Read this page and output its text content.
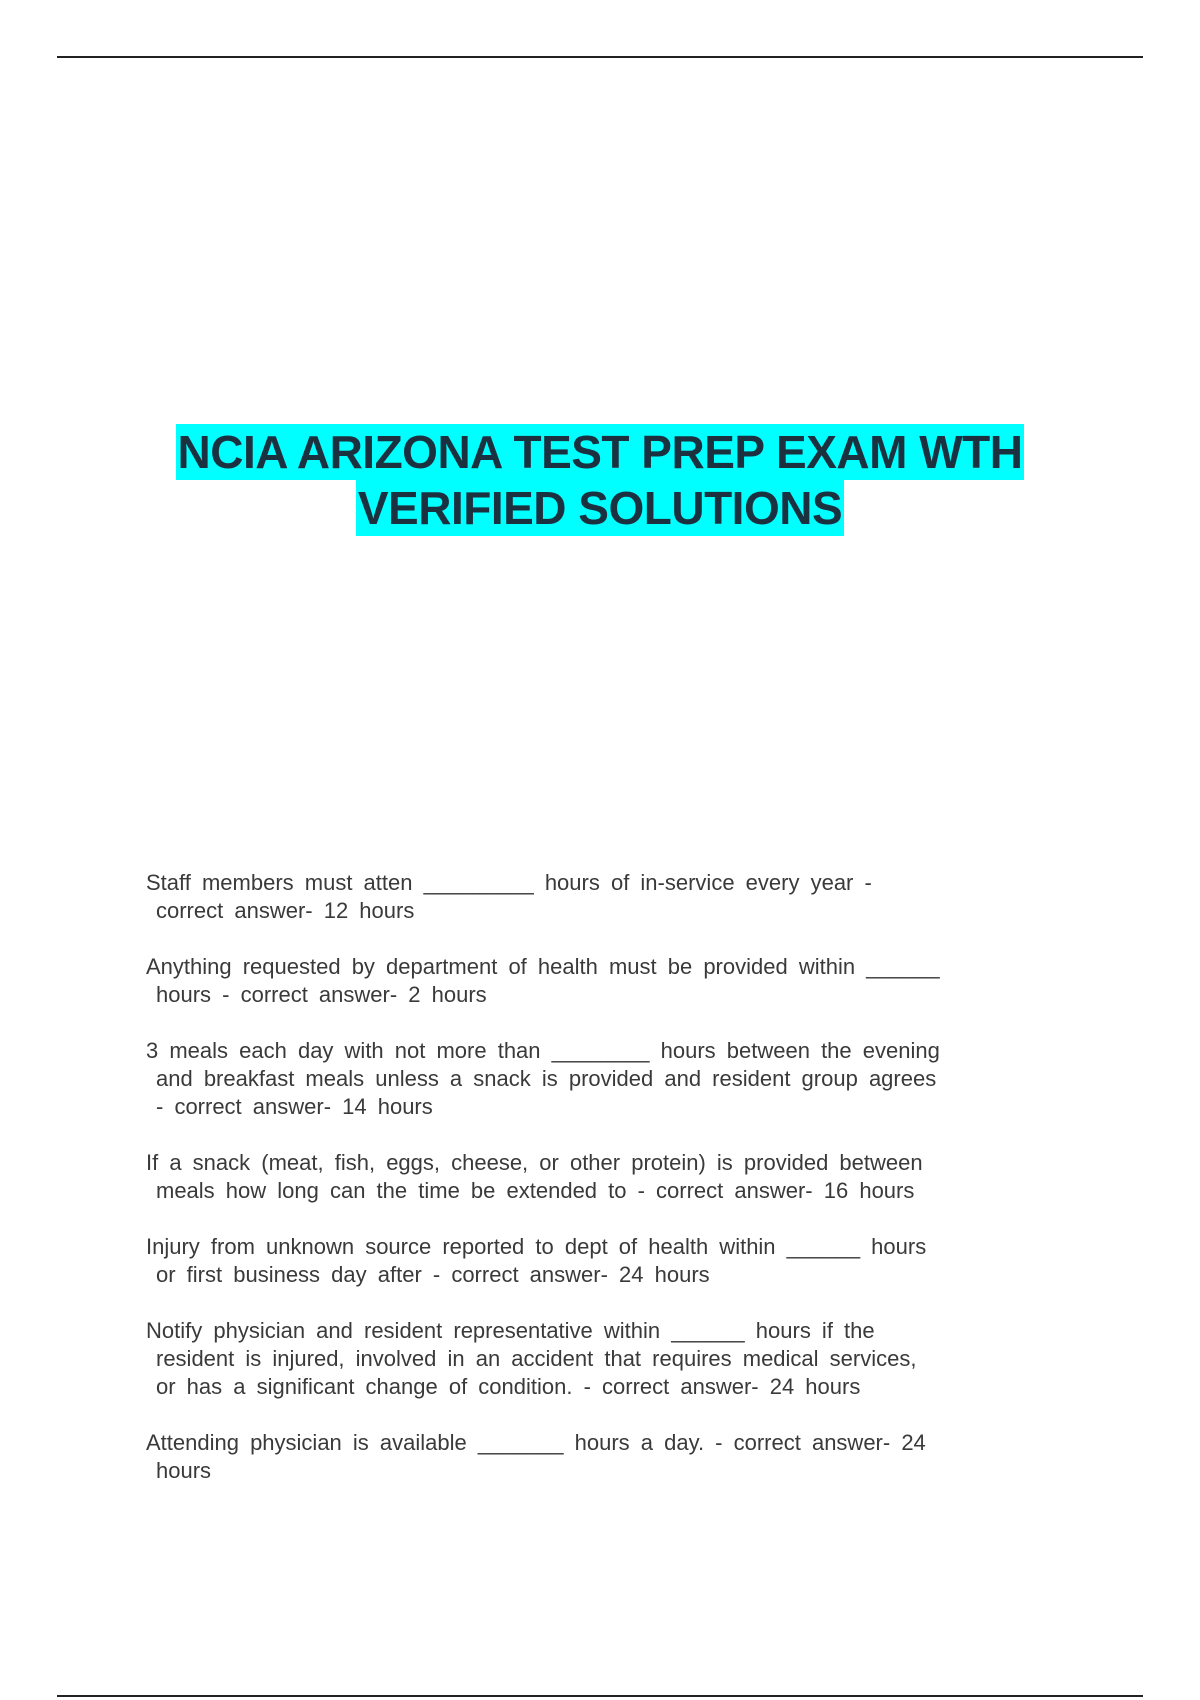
NCIA ARIZONA TEST PREP EXAM WTH
VERIFIED SOLUTIONS
Staff members must atten _________ hours of in-service every year -
correct answer- 12 hours
Anything requested by department of health must be provided within ______
hours - correct answer- 2 hours
3 meals each day with not more than ________ hours between the evening
and breakfast meals unless a snack is provided and resident group agrees
- correct answer- 14 hours
If a snack (meat, fish, eggs, cheese, or other protein) is provided between
meals how long can the time be extended to - correct answer- 16 hours
Injury from unknown source reported to dept of health within ______ hours
or first business day after - correct answer- 24 hours
Notify physician and resident representative within ______ hours if the
resident is injured, involved in an accident that requires medical services,
or has a significant change of condition. - correct answer- 24 hours
Attending physician is available _______ hours a day. - correct answer- 24
hours
